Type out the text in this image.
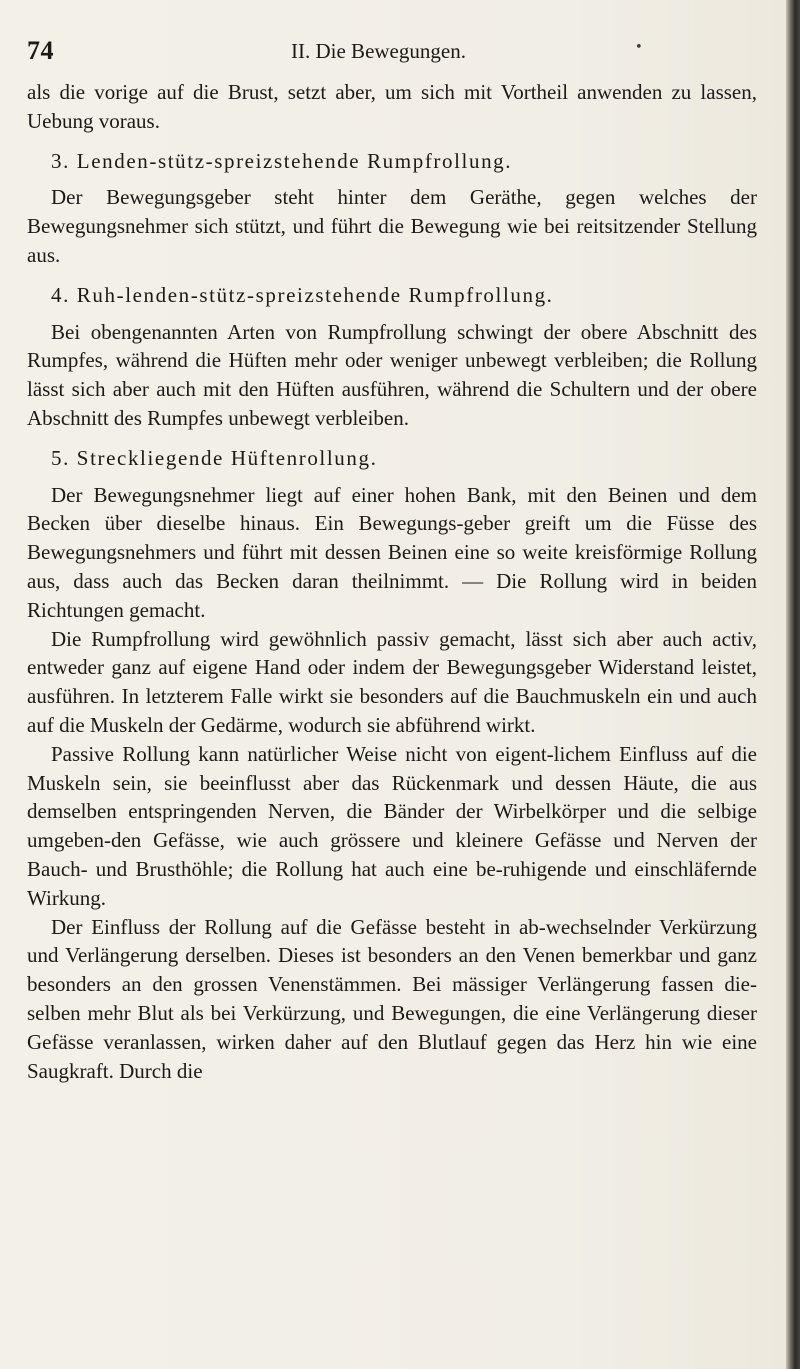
74	II. Die Bewegungen.	•

als die vorige auf die Brust, setzt aber, um sich mit Vortheil anwenden zu lassen, Uebung voraus.

3. Lenden-stütz-spreizstehende Rumpfrollung.

Der Bewegungsgeber steht hinter dem Geräthe, gegen welches der Bewegungsnehmer sich stützt, und führt die Bewegung wie bei reitsitzender Stellung aus.

4. Ruh-lenden-stütz-spreizstehende Rumpfrollung.

Bei obengenannten Arten von Rumpfrollung schwingt der obere Abschnitt des Rumpfes, während die Hüften mehr oder weniger unbewegt verbleiben; die Rollung lässt sich aber auch mit den Hüften ausführen, während die Schultern und der obere Abschnitt des Rumpfes unbewegt verbleiben.

5. Streckliegende Hüftenrollung.

Der Bewegungsnehmer liegt auf einer hohen Bank, mit den Beinen und dem Becken über dieselbe hinaus. Ein Bewegungs-geber greift um die Füsse des Bewegungsnehmers und führt mit dessen Beinen eine so weite kreisförmige Rollung aus, dass auch das Becken daran theilnimmt. — Die Rollung wird in beiden Richtungen gemacht.

Die Rumpfrollung wird gewöhnlich passiv gemacht, lässt sich aber auch activ, entweder ganz auf eigene Hand oder indem der Bewegungsgeber Widerstand leistet, ausführen. In letzterem Falle wirkt sie besonders auf die Bauchmuskeln ein und auch auf die Muskeln der Gedärme, wodurch sie abführend wirkt.

Passive Rollung kann natürlicher Weise nicht von eigent-lichem Einfluss auf die Muskeln sein, sie beeinflusst aber das Rückenmark und dessen Häute, die aus demselben entspringenden Nerven, die Bänder der Wirbelkörper und die selbige umgeben-den Gefässe, wie auch grössere und kleinere Gefässe und Nerven der Bauch- und Brusthöhle; die Rollung hat auch eine be-ruhigende und einschläfernde Wirkung.

Der Einfluss der Rollung auf die Gefässe besteht in ab-wechselnder Verkürzung und Verlängerung derselben. Dieses ist besonders an den Venen bemerkbar und ganz besonders an den grossen Venenstämmen. Bei mässiger Verlängerung fassen die-selben mehr Blut als bei Verkürzung, und Bewegungen, die eine Verlängerung dieser Gefässe veranlassen, wirken daher auf den Blutlauf gegen das Herz hin wie eine Saugkraft. Durch die
